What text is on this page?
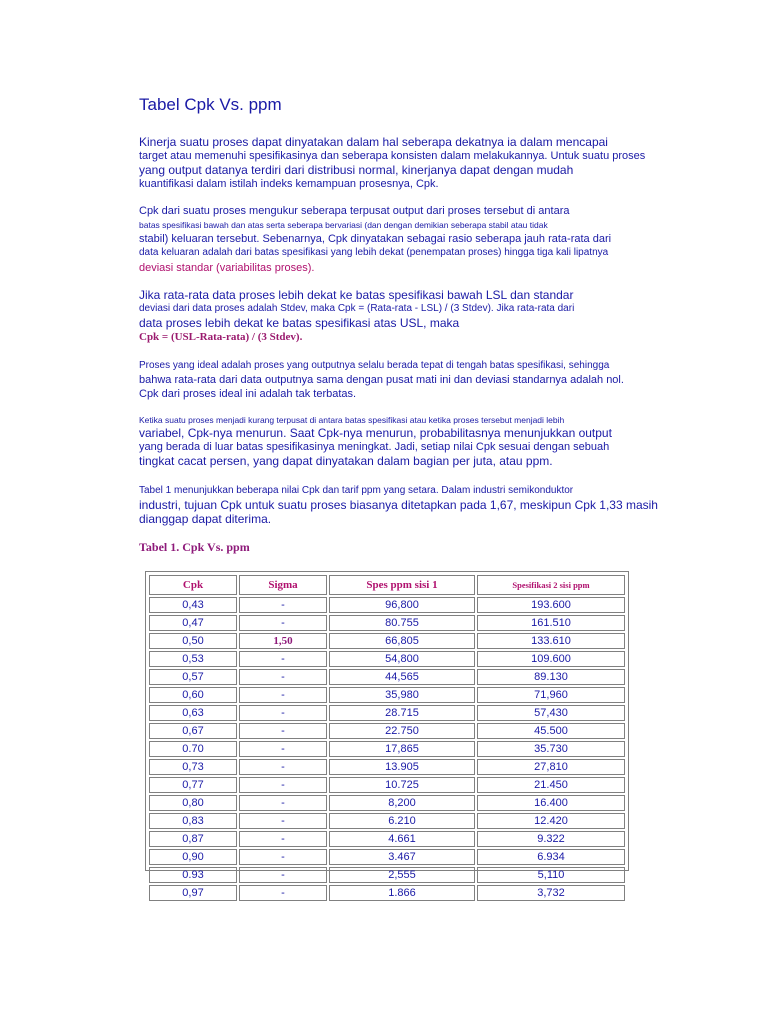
Tabel Cpk Vs. ppm
Kinerja suatu proses dapat dinyatakan dalam hal seberapa dekatnya ia dalam mencapai
target atau memenuhi spesifikasinya dan seberapa konsisten dalam melakukannya. Untuk suatu proses
yang output datanya terdiri dari distribusi normal, kinerjanya dapat dengan mudah
kuantifikasi dalam istilah indeks kemampuan prosesnya, Cpk.
Cpk dari suatu proses mengukur seberapa terpusat output dari proses tersebut di antara
batas spesifikasi bawah dan atas serta seberapa bervariasi (dan dengan demikian seberapa stabil atau tidak
stabil) keluaran tersebut. Sebenarnya, Cpk dinyatakan sebagai rasio seberapa jauh rata-rata dari
data keluaran adalah dari batas spesifikasi yang lebih dekat (penempatan proses) hingga tiga kali lipatnya
deviasi standar (variabilitas proses).
Jika rata-rata data proses lebih dekat ke batas spesifikasi bawah LSL dan standar
deviasi dari data proses adalah Stdev, maka Cpk = (Rata-rata - LSL) / (3 Stdev). Jika rata-rata dari
data proses lebih dekat ke batas spesifikasi atas USL, maka
Cpk = (USL-Rata-rata) / (3 Stdev).
Proses yang ideal adalah proses yang outputnya selalu berada tepat di tengah batas spesifikasi, sehingga
bahwa rata-rata dari data outputnya sama dengan pusat mati ini dan deviasi standarnya adalah nol.
Cpk dari proses ideal ini adalah tak terbatas.
Ketika suatu proses menjadi kurang terpusat di antara batas spesifikasi atau ketika proses tersebut menjadi lebih
variabel, Cpk-nya menurun. Saat Cpk-nya menurun, probabilitasnya menunjukkan output
yang berada di luar batas spesifikasinya meningkat. Jadi, setiap nilai Cpk sesuai dengan sebuah
tingkat cacat persen, yang dapat dinyatakan dalam bagian per juta, atau ppm.
Tabel 1 menunjukkan beberapa nilai Cpk dan tarif ppm yang setara. Dalam industri semikonduktor
industri, tujuan Cpk untuk suatu proses biasanya ditetapkan pada 1,67, meskipun Cpk 1,33 masih
dianggap dapat diterima.
Tabel 1. Cpk Vs. ppm
Cpk	Sigma	Spes ppm sisi 1	Spesifikasi 2 sisi ppm
0,43	-	96,800	193.600
0,47	-	80.755	161.510
0,50	1,50	66,805	133.610
0,53	-	54,800	109.600
0,57	-	44,565	89.130
0,60	-	35,980	71,960
0,63	-	28.715	57,430
0,67	-	22.750	45.500
0.70	-	17,865	35.730
0,73	-	13.905	27,810
0,77	-	10.725	21.450
0,80	-	8,200	16.400
0,83	-	6.210	12.420
0,87	-	4.661	9.322
0,90	-	3.467	6.934
0.93	-	2,555	5,110
0,97	-	1.866	3,732
